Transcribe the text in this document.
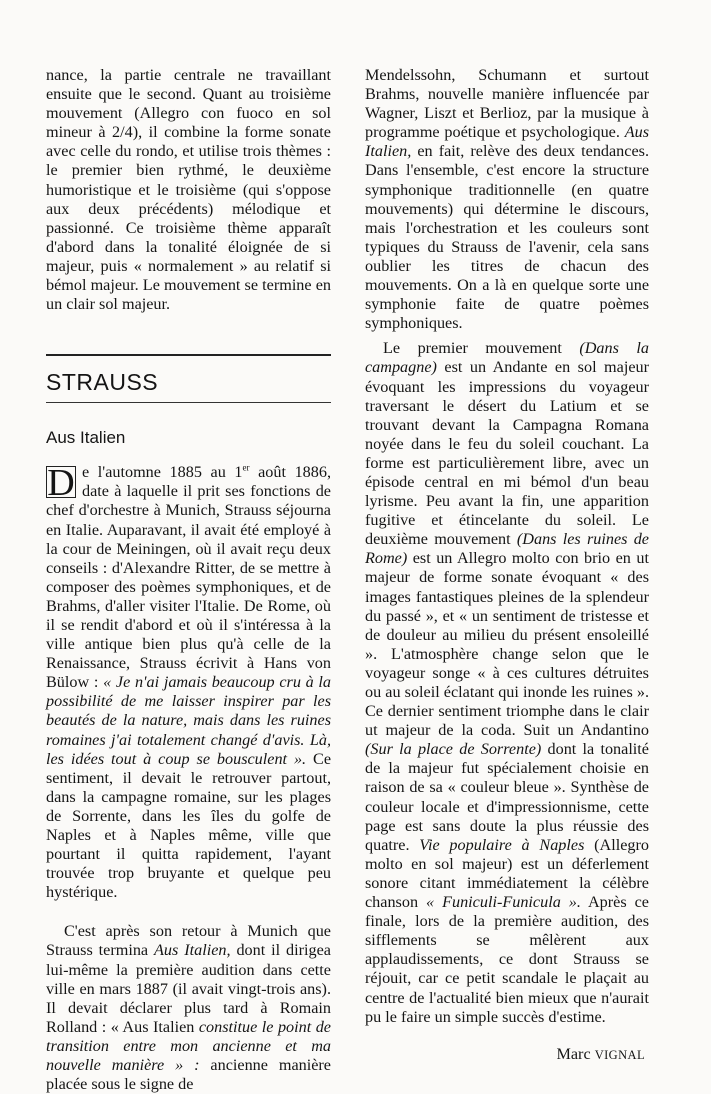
nance, la partie centrale ne travaillant ensuite que le second. Quant au troisième mouvement (Allegro con fuoco en sol mineur à 2/4), il combine la forme sonate avec celle du rondo, et utilise trois thèmes : le premier bien rythmé, le deuxième humoristique et le troisième (qui s'oppose aux deux précédents) mélodique et passionné. Ce troisième thème apparaît d'abord dans la tonalité éloignée de si majeur, puis « normalement » au relatif si bémol majeur. Le mouvement se termine en un clair sol majeur.

STRAUSS
Aus Italien

D e l'automne 1885 au 1er août 1886, date à laquelle il prit ses fonctions de chef d'orchestre à Munich, Strauss séjourna en Italie. Auparavant, il avait été employé à la cour de Meiningen, où il avait reçu deux conseils : d'Alexandre Ritter, de se mettre à composer des poèmes symphoniques, et de Brahms, d'aller visiter l'Italie. De Rome, où il se rendit d'abord et où il s'intéressa à la ville antique bien plus qu'à celle de la Renaissance, Strauss écrivit à Hans von Bülow : « Je n'ai jamais beaucoup cru à la possibilité de me laisser inspirer par les beautés de la nature, mais dans les ruines romaines j'ai totalement changé d'avis. Là, les idées tout à coup se bousculent ». Ce sentiment, il devait le retrouver partout, dans la campagne romaine, sur les plages de Sorrente, dans les îles du golfe de Naples et à Naples même, ville que pourtant il quitta rapidement, l'ayant trouvée trop bruyante et quelque peu hystérique.

C'est après son retour à Munich que Strauss termina Aus Italien, dont il dirigea lui-même la première audition dans cette ville en mars 1887 (il avait vingt-trois ans). Il devait déclarer plus tard à Romain Rolland : « Aus Italien constitue le point de transition entre mon ancienne et ma nouvelle manière » : ancienne manière placée sous le signe de

Mendelssohn, Schumann et surtout Brahms, nouvelle manière influencée par Wagner, Liszt et Berlioz, par la musique à programme poétique et psychologique. Aus Italien, en fait, relève des deux tendances. Dans l'ensemble, c'est encore la structure symphonique traditionnelle (en quatre mouvements) qui détermine le discours, mais l'orchestration et les couleurs sont typiques du Strauss de l'avenir, cela sans oublier les titres de chacun des mouvements. On a là en quelque sorte une symphonie faite de quatre poèmes symphoniques.

Le premier mouvement (Dans la campagne) est un Andante en sol majeur évoquant les impressions du voyageur traversant le désert du Latium et se trouvant devant la Campagna Romana noyée dans le feu du soleil couchant. La forme est particulièrement libre, avec un épisode central en mi bémol d'un beau lyrisme. Peu avant la fin, une apparition fugitive et étincelante du soleil. Le deuxième mouvement (Dans les ruines de Rome) est un Allegro molto con brio en ut majeur de forme sonate évoquant « des images fantastiques pleines de la splendeur du passé », et « un sentiment de tristesse et de douleur au milieu du présent ensoleillé ». L'atmosphère change selon que le voyageur songe « à ces cultures détruites ou au soleil éclatant qui inonde les ruines ». Ce dernier sentiment triomphe dans le clair ut majeur de la coda. Suit un Andantino (Sur la place de Sorrente) dont la tonalité de la majeur fut spécialement choisie en raison de sa « couleur bleue ». Synthèse de couleur locale et d'impressionnisme, cette page est sans doute la plus réussie des quatre. Vie populaire à Naples (Allegro molto en sol majeur) est un déferlement sonore citant immédiatement la célèbre chanson « Funiculi-Funicula ». Après ce finale, lors de la première audition, des sifflements se mêlèrent aux applaudissements, ce dont Strauss se réjouit, car ce petit scandale le plaçait au centre de l'actualité bien mieux que n'aurait pu le faire un simple succès d'estime.

Marc VIGNAL
